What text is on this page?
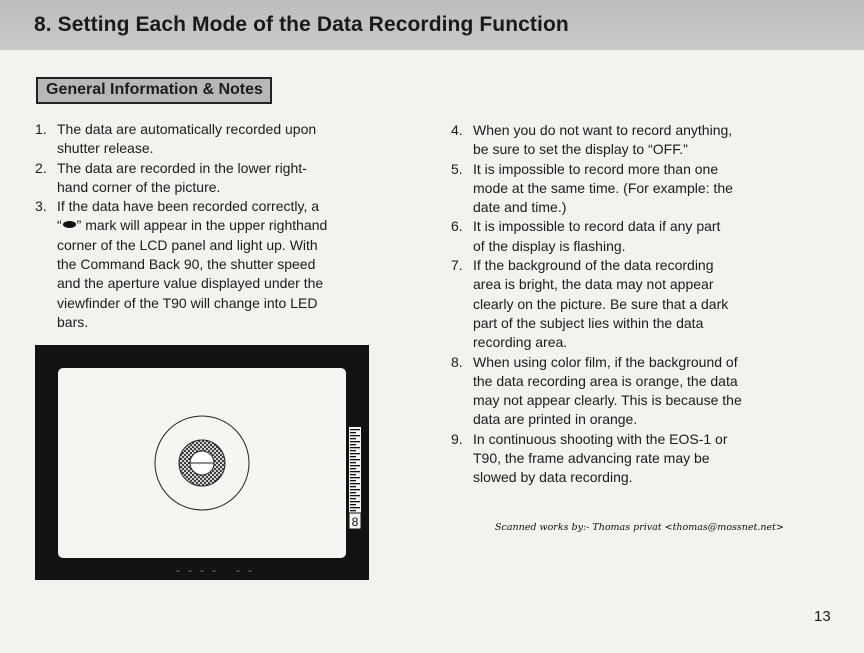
8. Setting Each Mode of the Data Recording Function
General Information & Notes
1. The data are automatically recorded upon
shutter release.
2. The data are recorded in the lower right-
hand corner of the picture.
3. If the data have been recorded correctly, a
“ ” mark will appear in the upper righthand
corner of the LCD panel and light up. With
the Command Back 90, the shutter speed
and the aperture value displayed under the
viewfinder of the T90 will change into LED
bars.
8
- - - -   - -
4. When you do not want to record anything,
be sure to set the display to “OFF.”
5. It is impossible to record more than one
mode at the same time. (For example: the
date and time.)
6. It is impossible to record data if any part
of the display is flashing.
7. If the background of the data recording
area is bright, the data may not appear
clearly on the picture. Be sure that a dark
part of the subject lies within the data
recording area.
8. When using color film, if the background of
the data recording area is orange, the data
may not appear clearly. This is because the
data are printed in orange.
9. In continuous shooting with the EOS-1 or
T90, the frame advancing rate may be
slowed by data recording.
Scanned works by:- Thomas privat <thomas@mossnet.net>
13
